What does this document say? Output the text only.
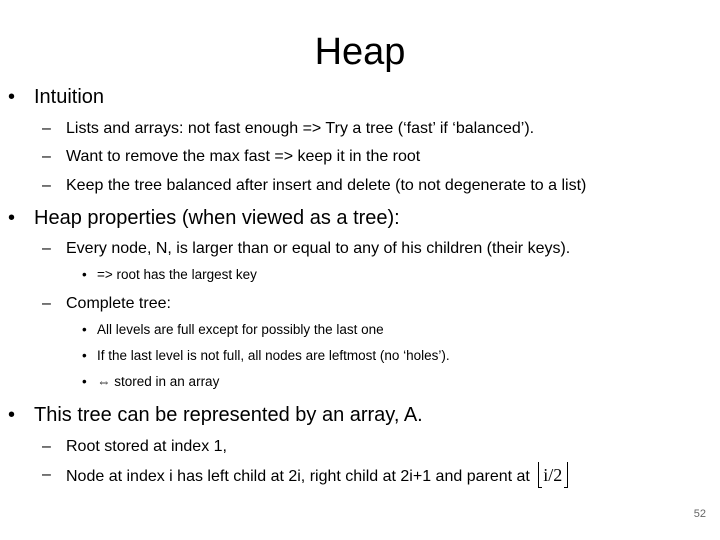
Heap
• Intuition
– Lists and arrays: not fast enough => Try a tree (‘fast’ if ‘balanced’).
– Want to remove the max fast => keep it in the root
– Keep the tree balanced after insert and delete (to not degenerate to a list)
• Heap properties (when viewed as a tree):
– Every node, N, is larger than or equal to any of his children (their keys).
• => root has the largest key
– Complete tree:
• All levels are full except for possibly the last one
• If the last level is not full, all nodes are leftmost (no ‘holes’).
• ⇔ stored in an array
• This tree can be represented by an array, A.
– Root stored at index 1,
– Node at index i has left child at 2i, right child at 2i+1 and parent at i/2
52
